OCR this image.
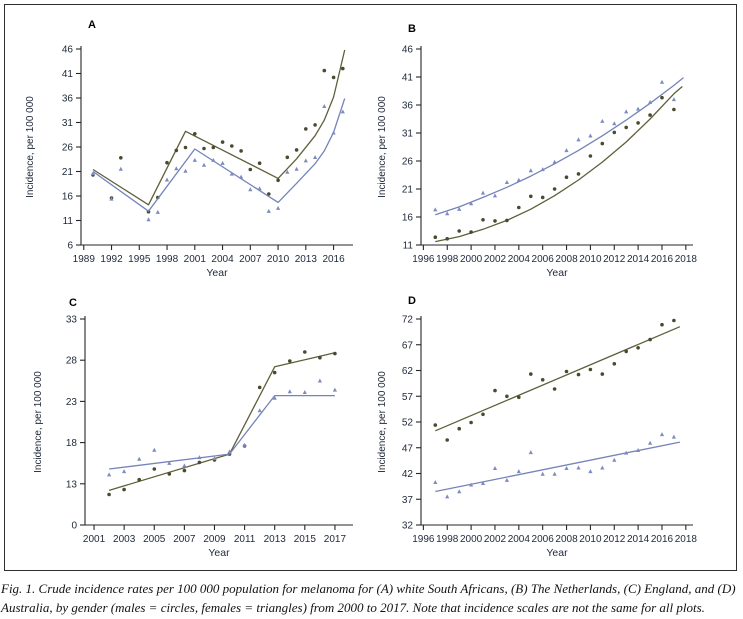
6
11
16
21
26
31
36
41
46
1989 1992 1995 1998 2001 2004 2007 2010 2013 2016
Incidence, per 100 000
Year
A
11
16
21
26
31
36
41
46
1996 1998 2000 2002 2004 2006 2008 2010 2012 2014 2016 2018
Incidence, per 100 000
Year
B
0
13
18
23
28
33
2001 2003 2005 2007 2009 2011 2013 2015 2017
Incidence, per 100 000
Year
C
32
37
42
47
52
57
62
67
72
1996 1998 2000 2002 2004 2006 2008 2010 2012 2014 2016 2018
Incidence, per 100 000
Year
D

Fig. 1. Crude incidence rates per 100 000 population for melanoma for (A) white South Africans, (B) The Netherlands, (C) England, and (D) Australia, by gender (males = circles, females = triangles) from 2000 to 2017. Note that incidence scales are not the same for all plots.
